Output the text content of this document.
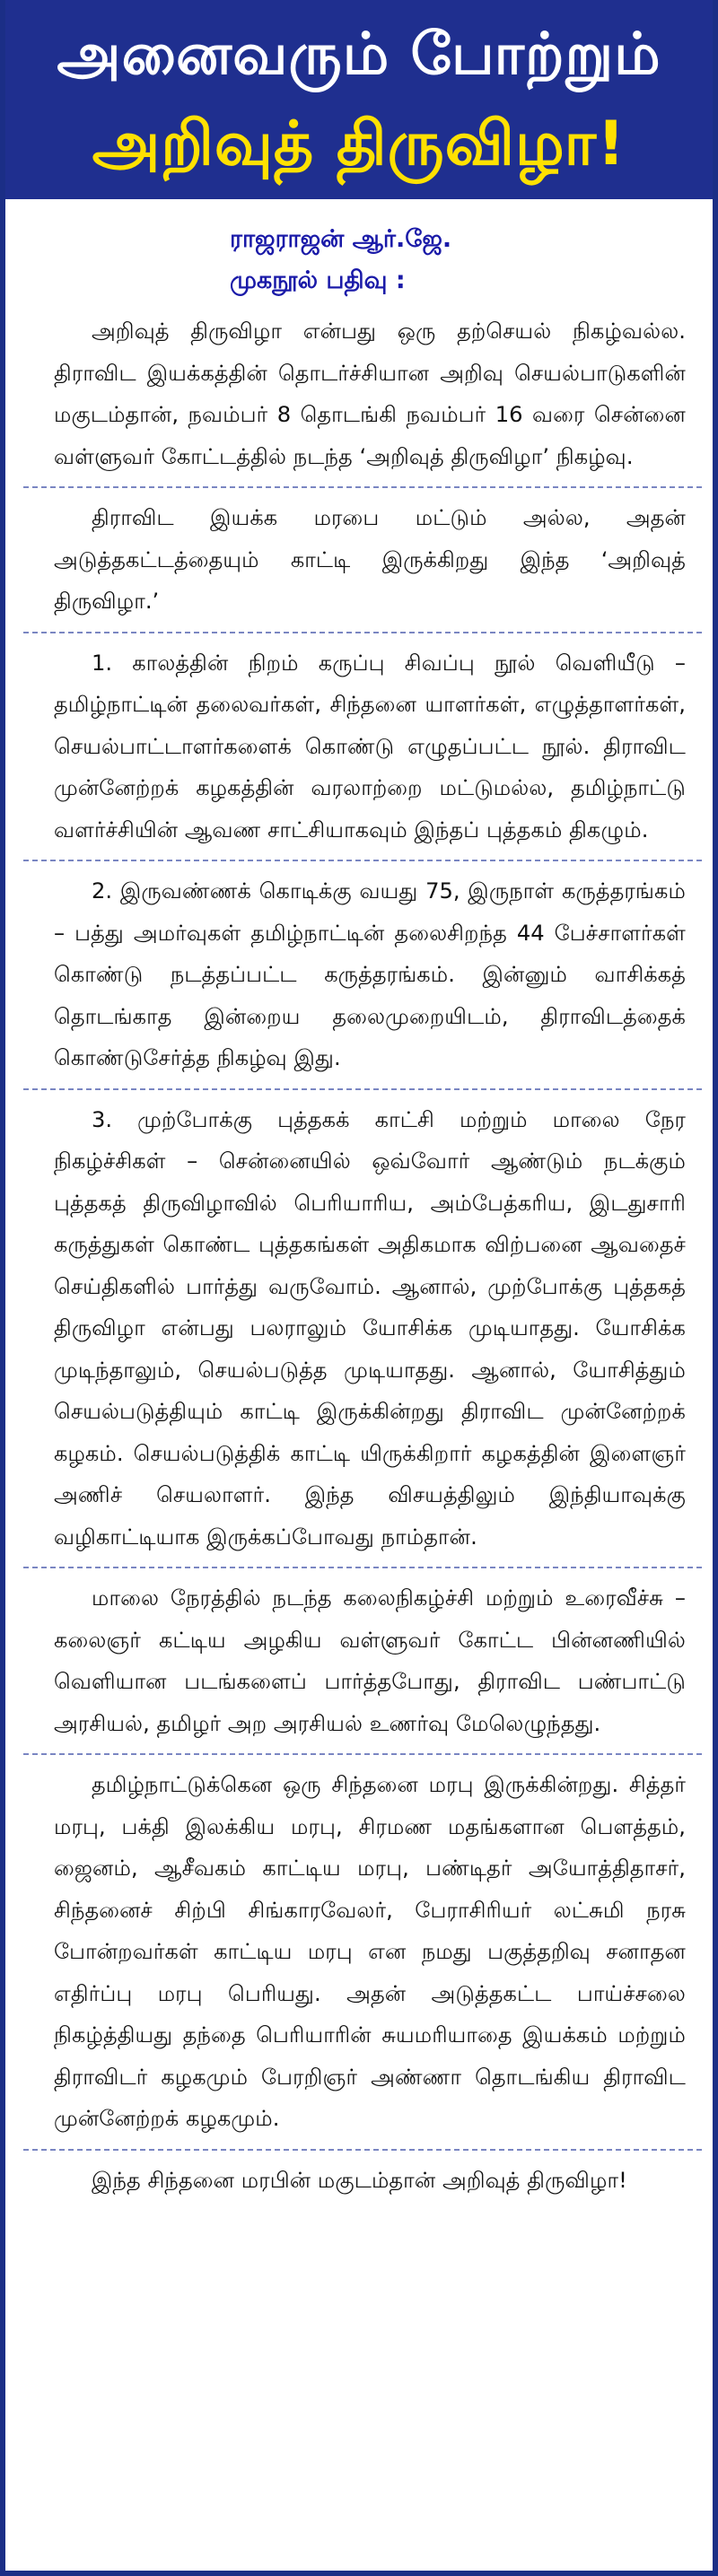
அனைவரும் போற்றும்
அறிவுத் திருவிழா!
ராஜராஜன் ஆர்.ஜே.
முகநூல் பதிவு :

அறிவுத் திருவிழா என்பது ஒரு தற்செயல் நிகழ்வல்ல. திராவிட இயக்கத்தின் தொடர்ச்சியான அறிவு செயல்பாடுகளின் மகுடம்தான், நவம்பர் 8 தொடங்கி நவம்பர் 16 வரை சென்னை வள்ளுவர் கோட்டத்தில் நடந்த ‘அறிவுத் திருவிழா’ நிகழ்வு.

திராவிட இயக்க மரபை மட்டும் அல்ல, அதன் அடுத்தகட்டத்தையும் காட்டி இருக்கிறது இந்த ‘அறிவுத் திருவிழா.’

1. காலத்தின் நிறம் கருப்பு சிவப்பு நூல் வெளியீடு – தமிழ்நாட்டின் தலைவர்கள், சிந்தனை யாளர்கள், எழுத்தாளர்கள், செயல்பாட்டாளர்களைக் கொண்டு எழுதப்பட்ட நூல். திராவிட முன்னேற்றக் கழகத்தின் வரலாற்றை மட்டுமல்ல, தமிழ்நாட்டு வளர்ச்சியின் ஆவண சாட்சியாகவும் இந்தப் புத்தகம் திகழும்.

2. இருவண்ணக் கொடிக்கு வயது 75, இருநாள் கருத்தரங்கம் – பத்து அமர்வுகள் தமிழ்நாட்டின் தலைசிறந்த 44 பேச்சாளர்கள் கொண்டு நடத்தப்பட்ட கருத்தரங்கம். இன்னும் வாசிக்கத் தொடங்காத இன்றைய தலைமுறையிடம், திராவிடத்தைக் கொண்டுசேர்த்த நிகழ்வு இது.

3. முற்போக்கு புத்தகக் காட்சி மற்றும் மாலை நேர நிகழ்ச்சிகள் – சென்னையில் ஒவ்வோர் ஆண்டும் நடக்கும் புத்தகத் திருவிழாவில் பெரியாரிய, அம்பேத்கரிய, இடதுசாரி கருத்துகள் கொண்ட புத்தகங்கள் அதிகமாக விற்பனை ஆவதைச் செய்திகளில் பார்த்து வருவோம். ஆனால், முற்போக்கு புத்தகத் திருவிழா என்பது பலராலும் யோசிக்க முடியாதது. யோசிக்க முடிந்தாலும், செயல்படுத்த முடியாதது. ஆனால், யோசித்தும் செயல்படுத்தியும் காட்டி இருக்கின்றது திராவிட முன்னேற்றக் கழகம். செயல்படுத்திக் காட்டி யிருக்கிறார் கழகத்தின் இளைஞர் அணிச் செயலாளர். இந்த விசயத்திலும் இந்தியாவுக்கு வழிகாட்டியாக இருக்கப்போவது நாம்தான்.

மாலை நேரத்தில் நடந்த கலைநிகழ்ச்சி மற்றும் உரைவீச்சு – கலைஞர் கட்டிய அழகிய வள்ளுவர் கோட்ட பின்னணியில் வெளியான படங்களைப் பார்த்தபோது, திராவிட பண்பாட்டு அரசியல், தமிழர் அற அரசியல் உணர்வு மேலெழுந்தது.

தமிழ்நாட்டுக்கென ஒரு சிந்தனை மரபு இருக்கின்றது. சித்தர் மரபு, பக்தி இலக்கிய மரபு, சிரமண மதங்களான பௌத்தம், ஜைனம், ஆசீவகம் காட்டிய மரபு, பண்டிதர் அயோத்திதாசர், சிந்தனைச் சிற்பி சிங்காரவேலர், பேராசிரியர் லட்சுமி நரசு போன்றவர்கள் காட்டிய மரபு என நமது பகுத்தறிவு சனாதன எதிர்ப்பு மரபு பெரியது. அதன் அடுத்தகட்ட பாய்ச்சலை நிகழ்த்தியது தந்தை பெரியாரின் சுயமரியாதை இயக்கம் மற்றும் திராவிடர் கழகமும் பேரறிஞர் அண்ணா தொடங்கிய திராவிட முன்னேற்றக் கழகமும்.

இந்த சிந்தனை மரபின் மகுடம்தான் அறிவுத் திருவிழா!
